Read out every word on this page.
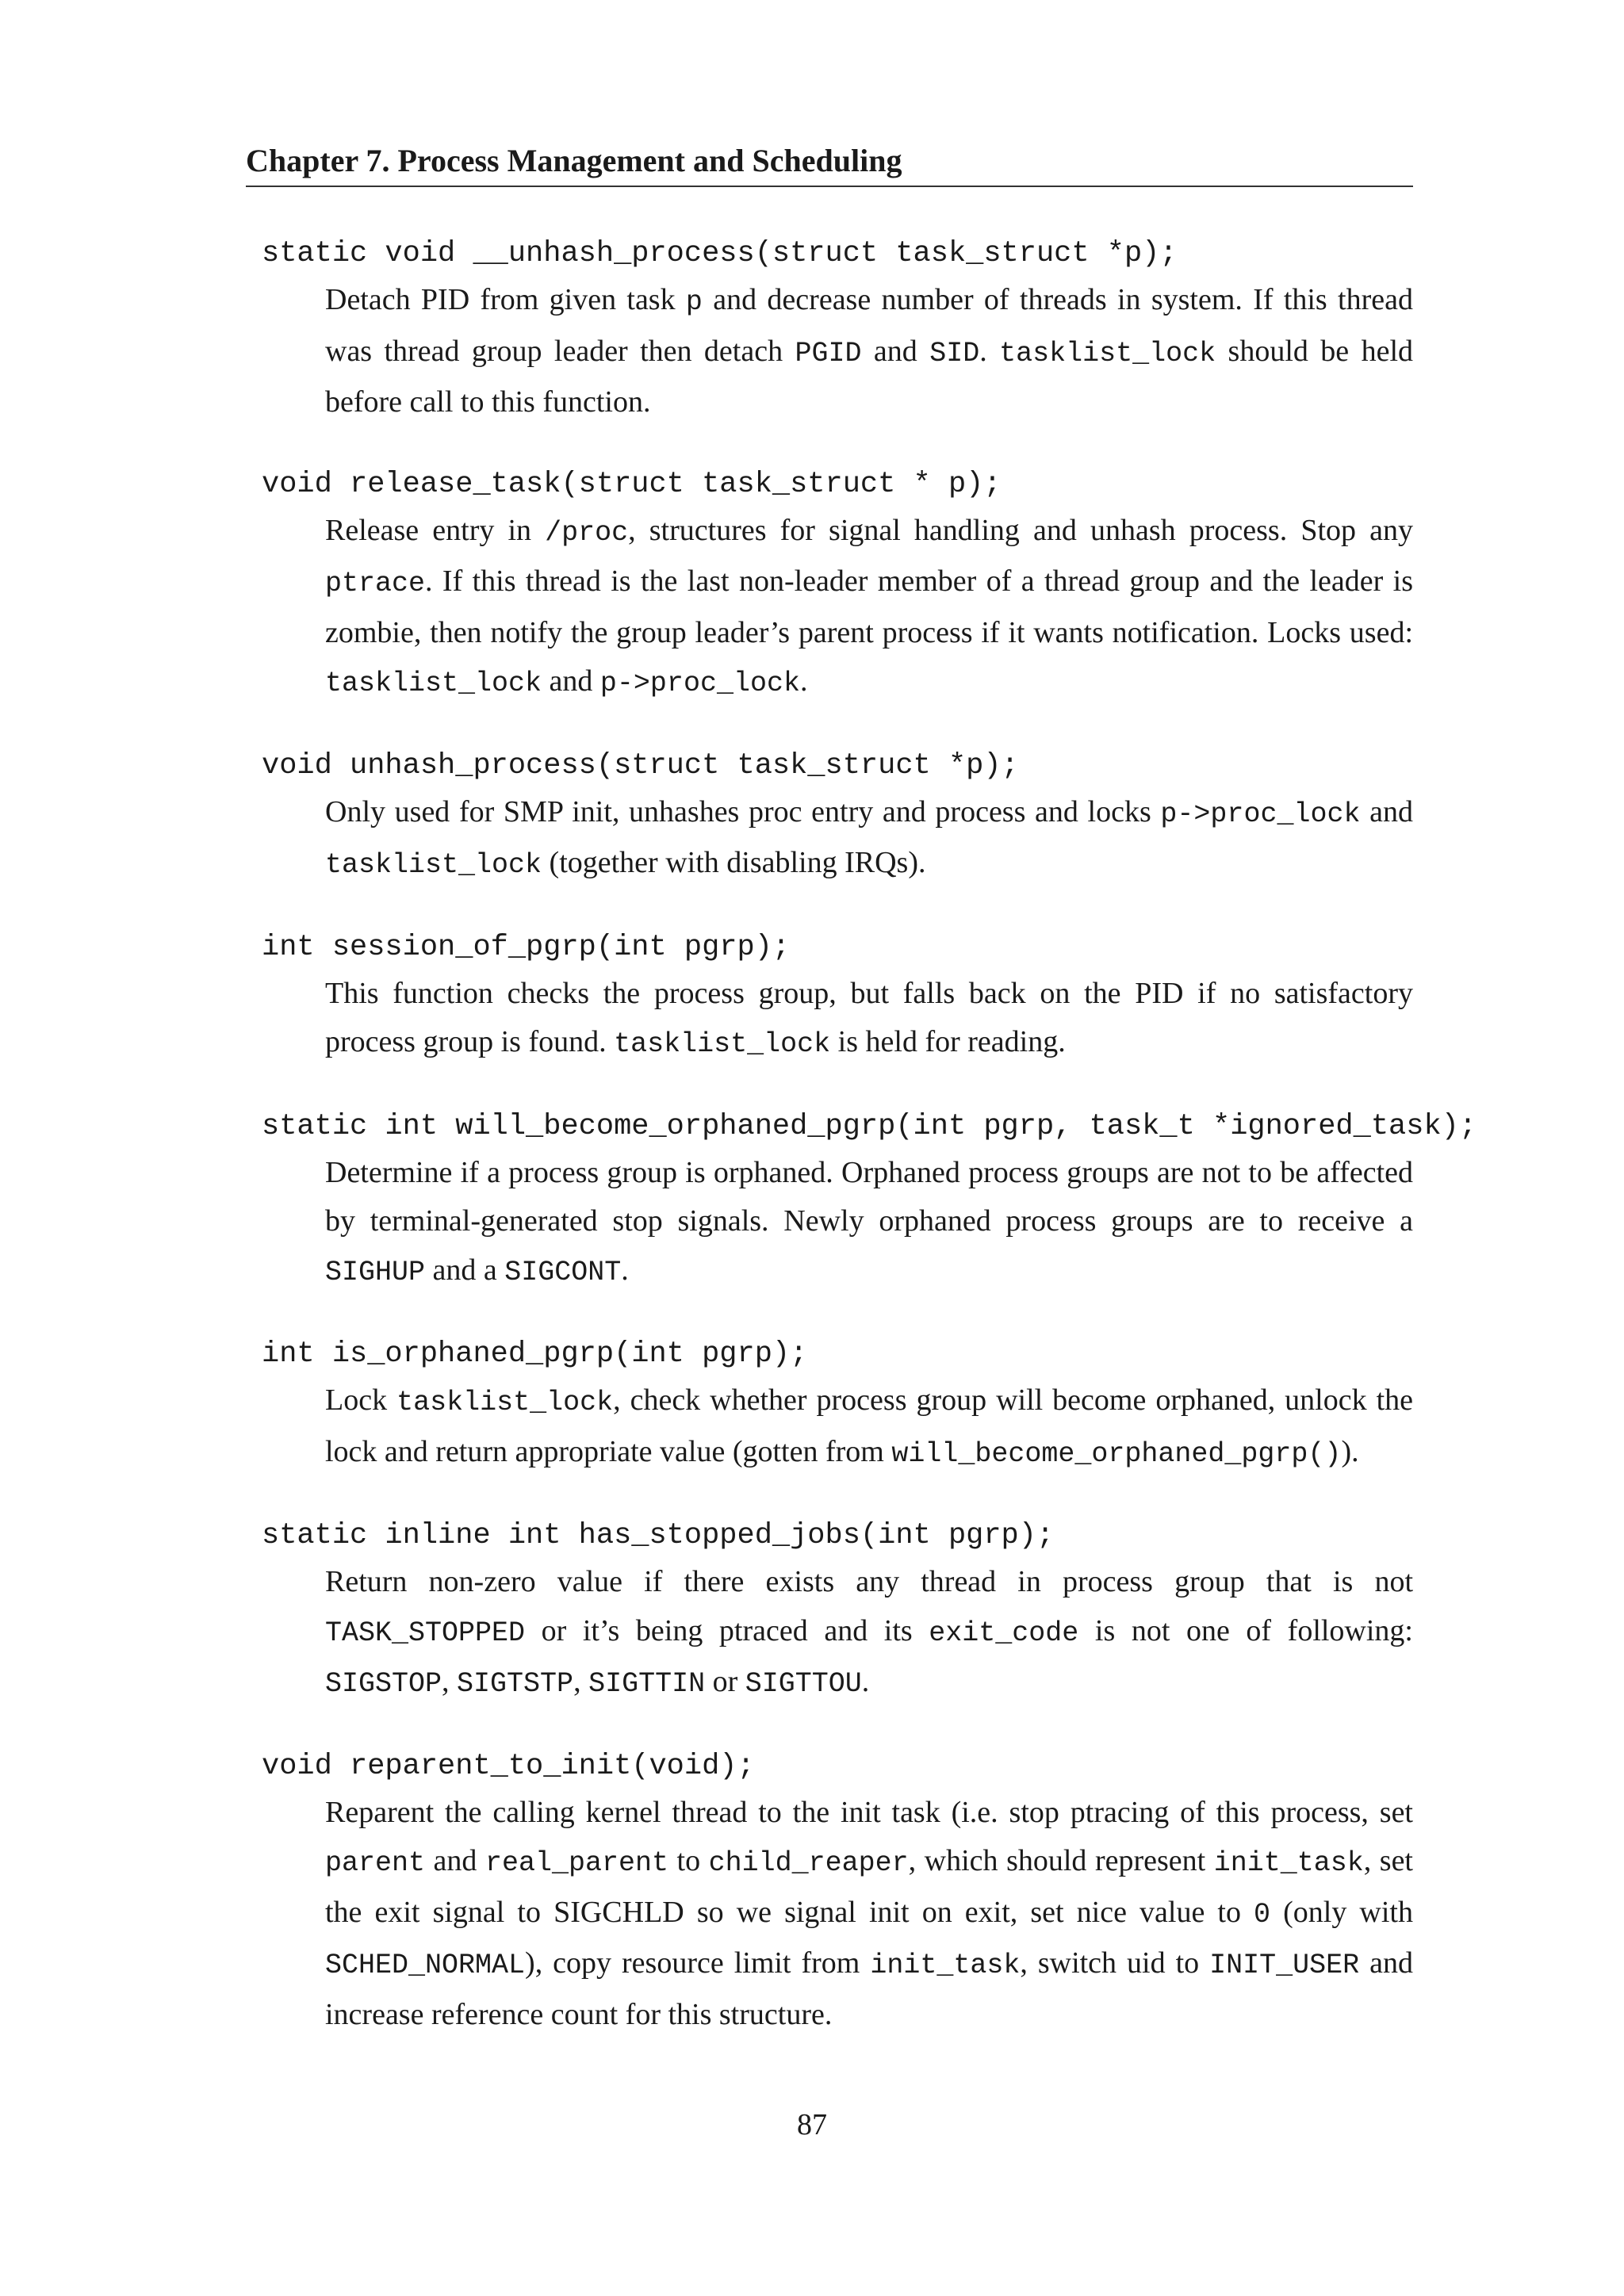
Chapter 7. Process Management and Scheduling
static void __unhash_process(struct task_struct *p);
Detach PID from given task p and decrease number of threads in system. If this thread was thread group leader then detach PGID and SID. tasklist_lock should be held before call to this function.
void release_task(struct task_struct * p);
Release entry in /proc, structures for signal handling and unhash process. Stop any ptrace. If this thread is the last non-leader member of a thread group and the leader is zombie, then notify the group leader’s parent process if it wants notification. Locks used: tasklist_lock and p->proc_lock.
void unhash_process(struct task_struct *p);
Only used for SMP init, unhashes proc entry and process and locks p->proc_lock and tasklist_lock (together with disabling IRQs).
int session_of_pgrp(int pgrp);
This function checks the process group, but falls back on the PID if no satisfactory process group is found. tasklist_lock is held for reading.
static int will_become_orphaned_pgrp(int pgrp, task_t *ignored_task);
Determine if a process group is orphaned. Orphaned process groups are not to be affected by terminal-generated stop signals. Newly orphaned process groups are to receive a SIGHUP and a SIGCONT.
int is_orphaned_pgrp(int pgrp);
Lock tasklist_lock, check whether process group will become orphaned, unlock the lock and return appropriate value (gotten from will_become_orphaned_pgrp()).
static inline int has_stopped_jobs(int pgrp);
Return non-zero value if there exists any thread in process group that is not TASK_STOPPED or it’s being ptraced and its exit_code is not one of following: SIGSTOP, SIGTSTP, SIGTTIN or SIGTTOU.
void reparent_to_init(void);
Reparent the calling kernel thread to the init task (i.e. stop ptracing of this process, set parent and real_parent to child_reaper, which should represent init_task, set the exit signal to SIGCHLD so we signal init on exit, set nice value to 0 (only with SCHED_NORMAL), copy resource limit from init_task, switch uid to INIT_USER and increase reference count for this structure.
87
